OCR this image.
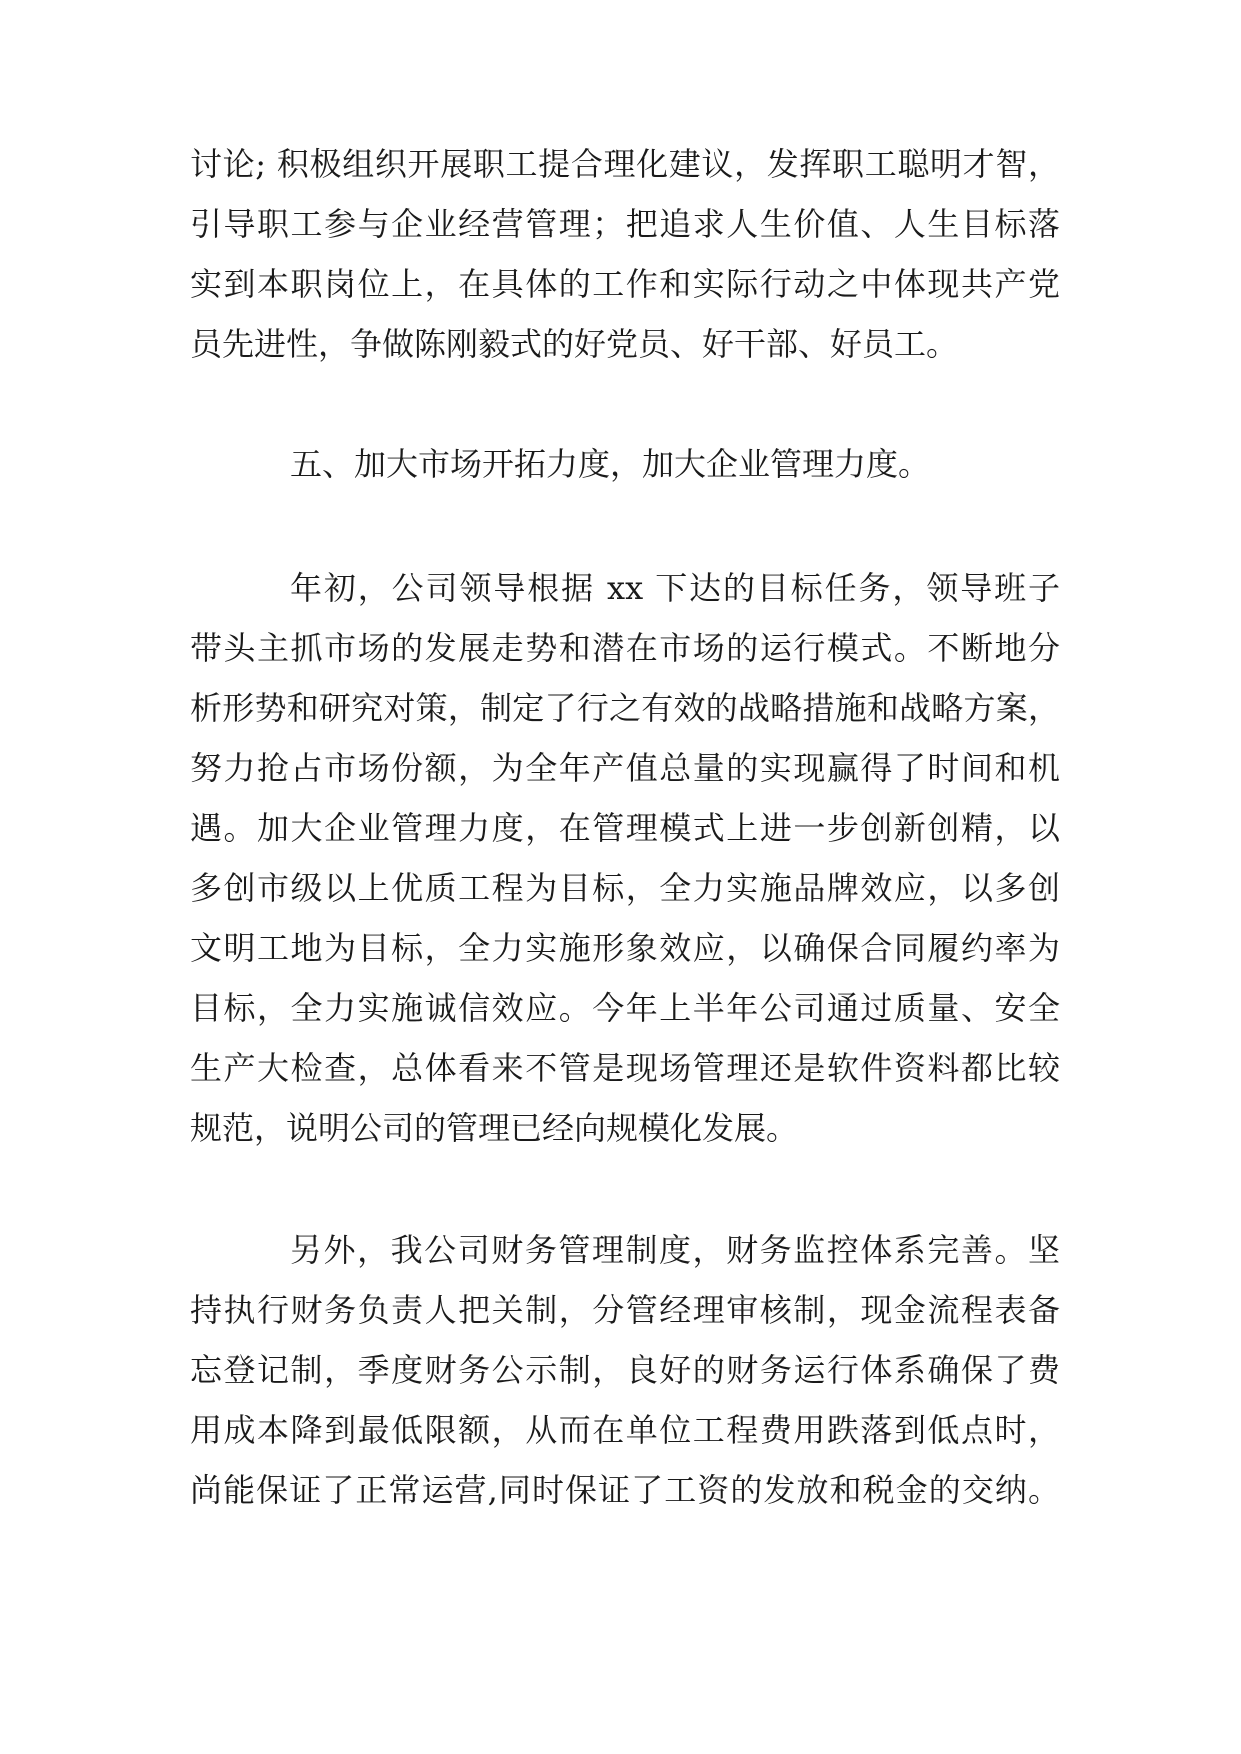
讨论; 积极组织开展职工提合理化建议，发挥职工聪明才智，
引导职工参与企业经营管理；把追求人生价值、人生目标落
实到本职岗位上，在具体的工作和实际行动之中体现共产党
员先进性，争做陈刚毅式的好党员、好干部、好员工。
五、加大市场开拓力度，加大企业管理力度。
年初，公司领导根据 xx 下达的目标任务，领导班子
带头主抓市场的发展走势和潜在市场的运行模式。不断地分
析形势和研究对策，制定了行之有效的战略措施和战略方案，
努力抢占市场份额，为全年产值总量的实现赢得了时间和机
遇。加大企业管理力度，在管理模式上进一步创新创精，以
多创市级以上优质工程为目标，全力实施品牌效应，以多创
文明工地为目标，全力实施形象效应，以确保合同履约率为
目标，全力实施诚信效应。今年上半年公司通过质量、安全
生产大检查，总体看来不管是现场管理还是软件资料都比较
规范，说明公司的管理已经向规模化发展。
另外，我公司财务管理制度，财务监控体系完善。坚
持执行财务负责人把关制，分管经理审核制，现金流程表备
忘登记制，季度财务公示制，良好的财务运行体系确保了费
用成本降到最低限额，从而在单位工程费用跌落到低点时，
尚能保证了正常运营,同时保证了工资的发放和税金的交纳。
